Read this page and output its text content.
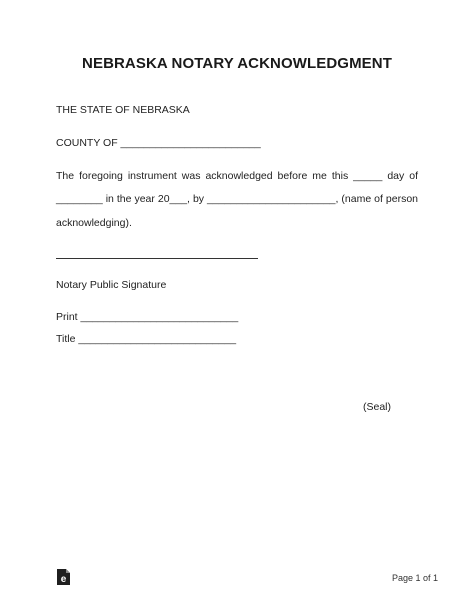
NEBRASKA NOTARY ACKNOWLEDGMENT
THE STATE OF NEBRASKA
COUNTY OF ________________________
The foregoing instrument was acknowledged before me this _____ day of
________ in the year 20___, by ______________________, (name of person
acknowledging).
Notary Public Signature
Print ___________________________
Title ___________________________
(Seal)
e	Page 1 of 1
